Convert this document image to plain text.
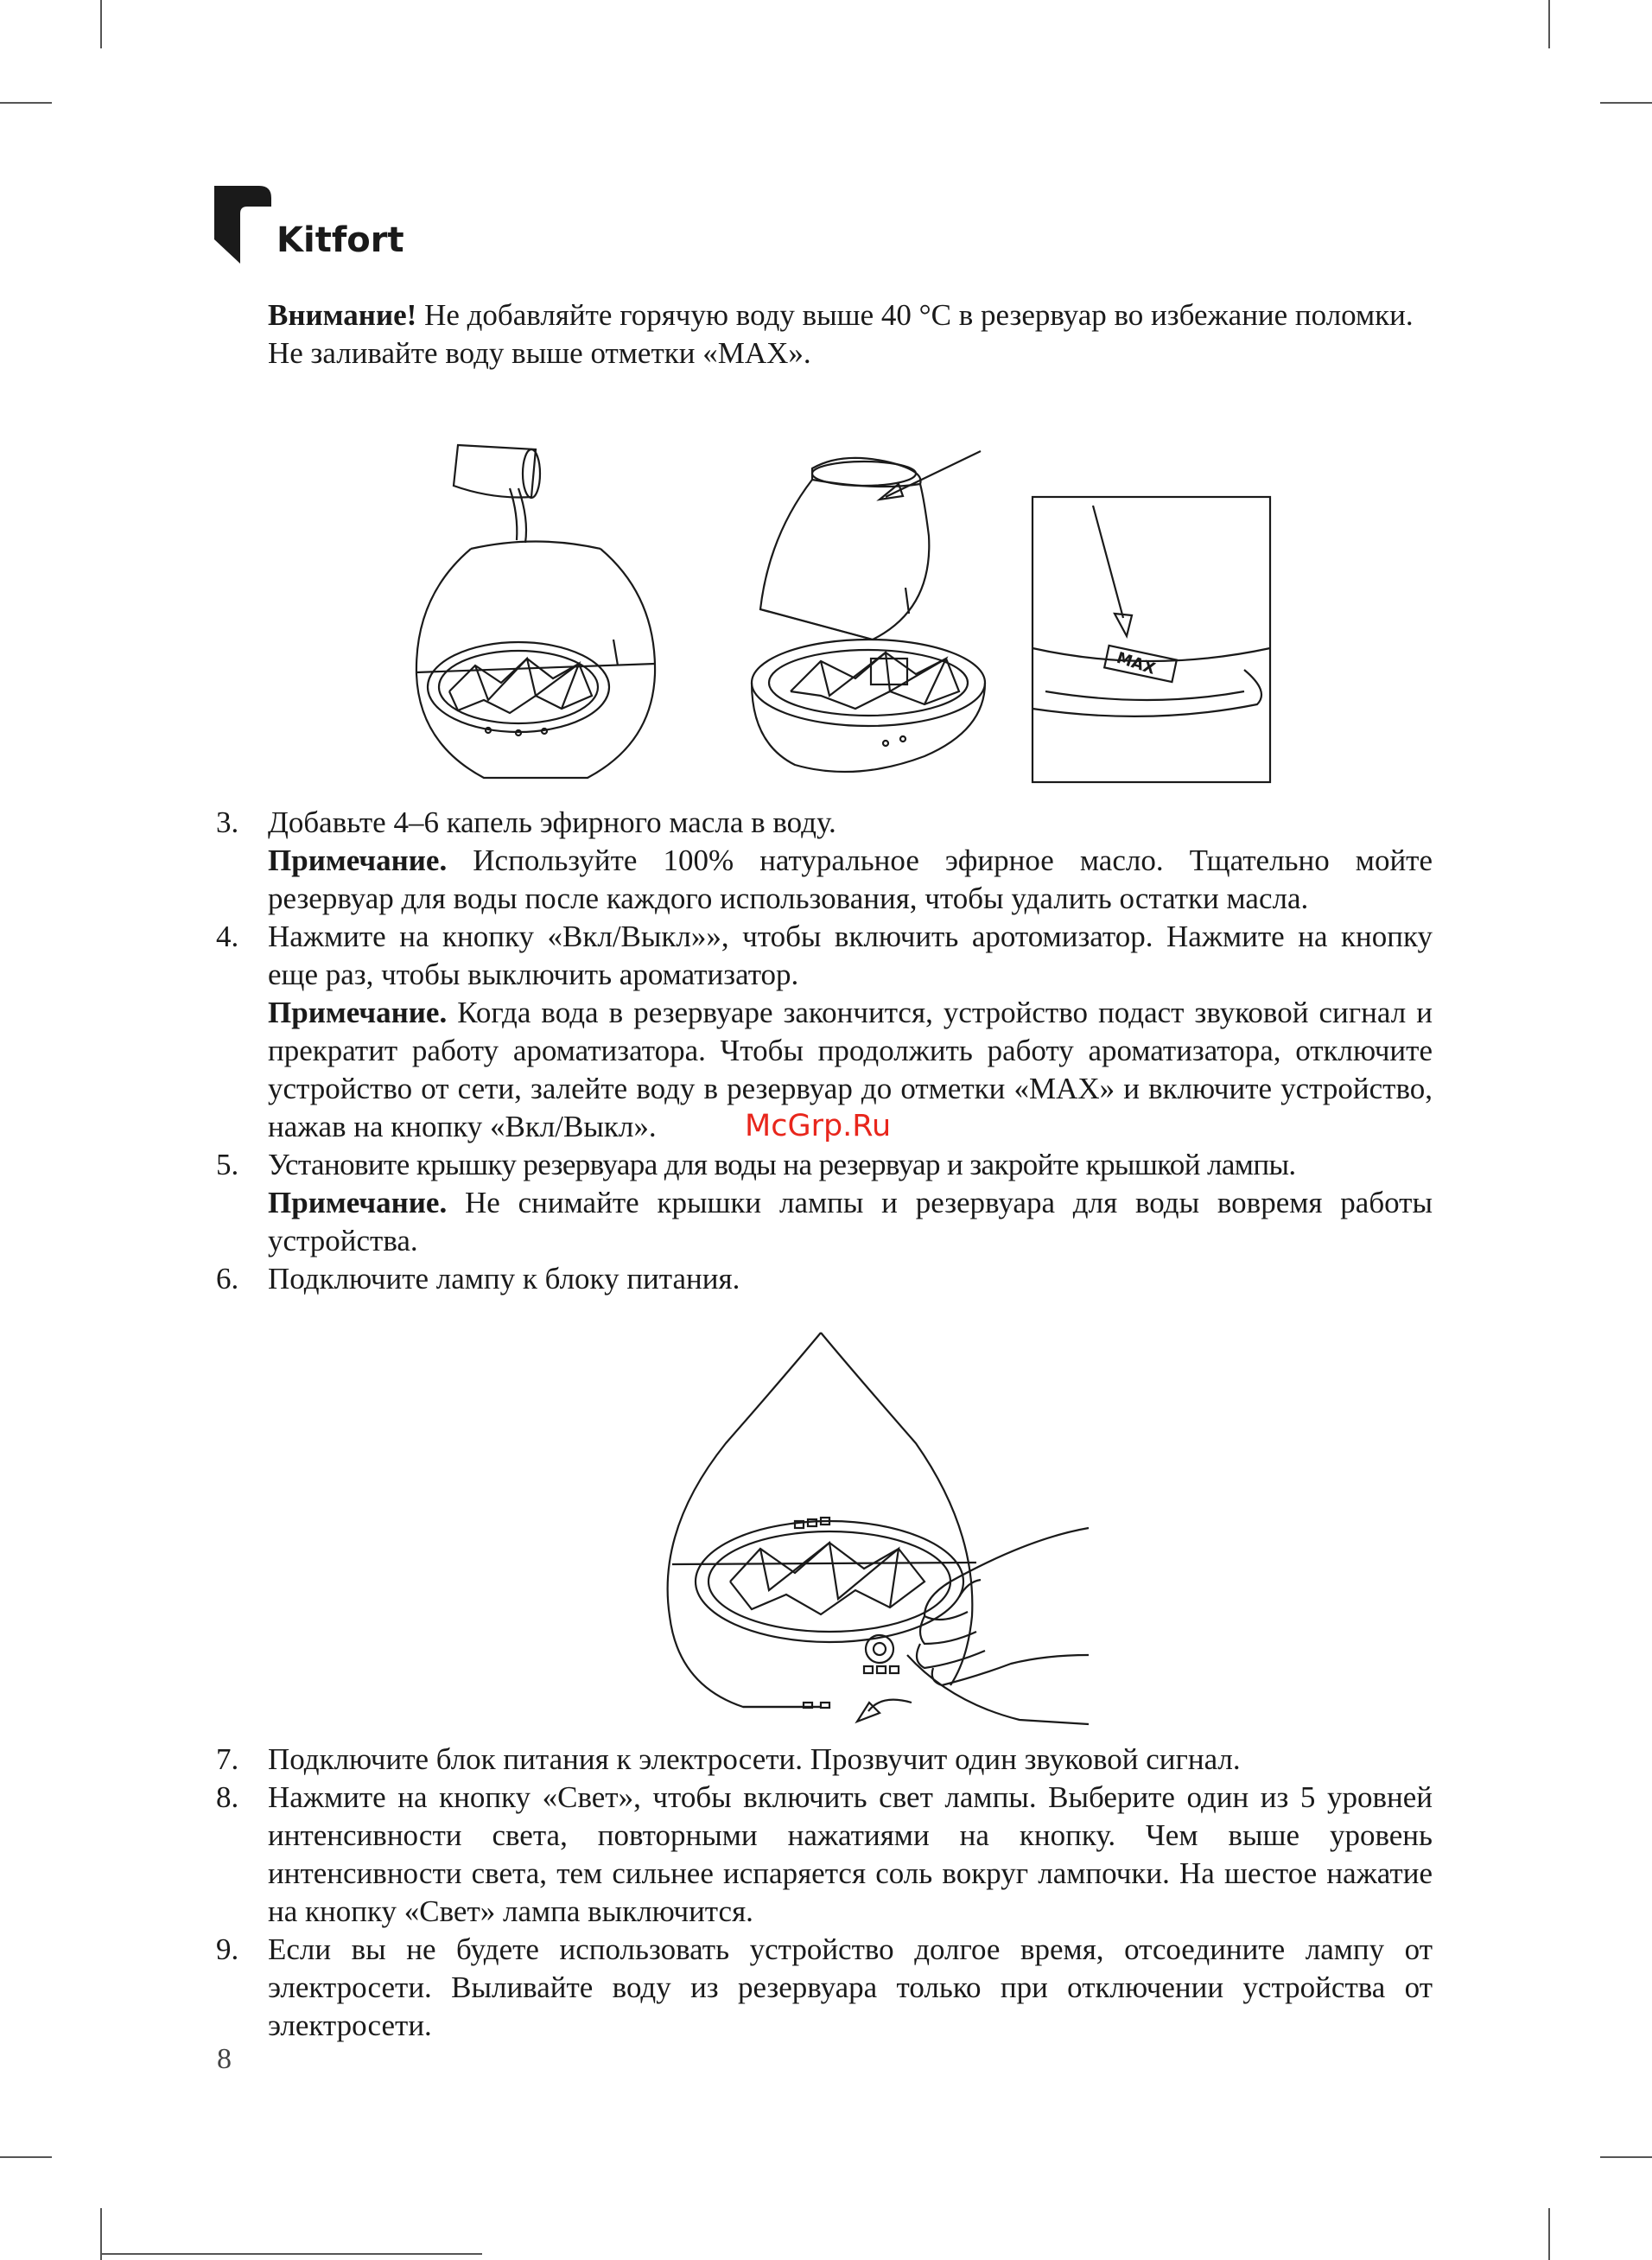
Kitfort

Внимание! Не добавляйте горячую воду выше 40 °C в резервуар во избежание поломки.

Не заливайте воду выше отметки «MAX».

MAX
3. Добавьте 4–6 капель эфирного масла в воду.

Примечание. Используйте 100% натуральное эфирное масло. Тщательно мойте резервуар для воды после каждого использования, чтобы удалить остатки масла.

4. Нажмите на кнопку «Вкл/Выкл»», чтобы включить аротомизатор. Нажмите на кнопку еще раз, чтобы выключить ароматизатор.

Примечание. Когда вода в резервуаре закончится, устройство подаст звуковой сигнал и прекратит работу ароматизатора. Чтобы продолжить работу ароматизатора, отключите устройство от сети, залейте воду в резервуар до отметки «MAX» и включите устройство, нажав на кнопку «Вкл/Выкл».

5. Установите крышку резервуара для воды на резервуар и закройте крышкой лампы.

Примечание. Не снимайте крышки лампы и резервуара для воды вовремя работы устройства.

6. Подключите лампу к блоку питания.

McGrp.Ru
7. Подключите блок питания к электросети. Прозвучит один звуковой сигнал.

8. Нажмите на кнопку «Свет», чтобы включить свет лампы. Выберите один из 5 уровней интенсивности света, повторными нажатиями на кнопку. Чем выше уровень интенсивности света, тем сильнее испаряется соль вокруг лампочки. На шестое нажатие на кнопку «Свет» лампа выключится.

9. Если вы не будете использовать устройство долгое время, отсоедините лампу от электросети. Выливайте воду из резервуара только при отключении устройства от электросети.

8
